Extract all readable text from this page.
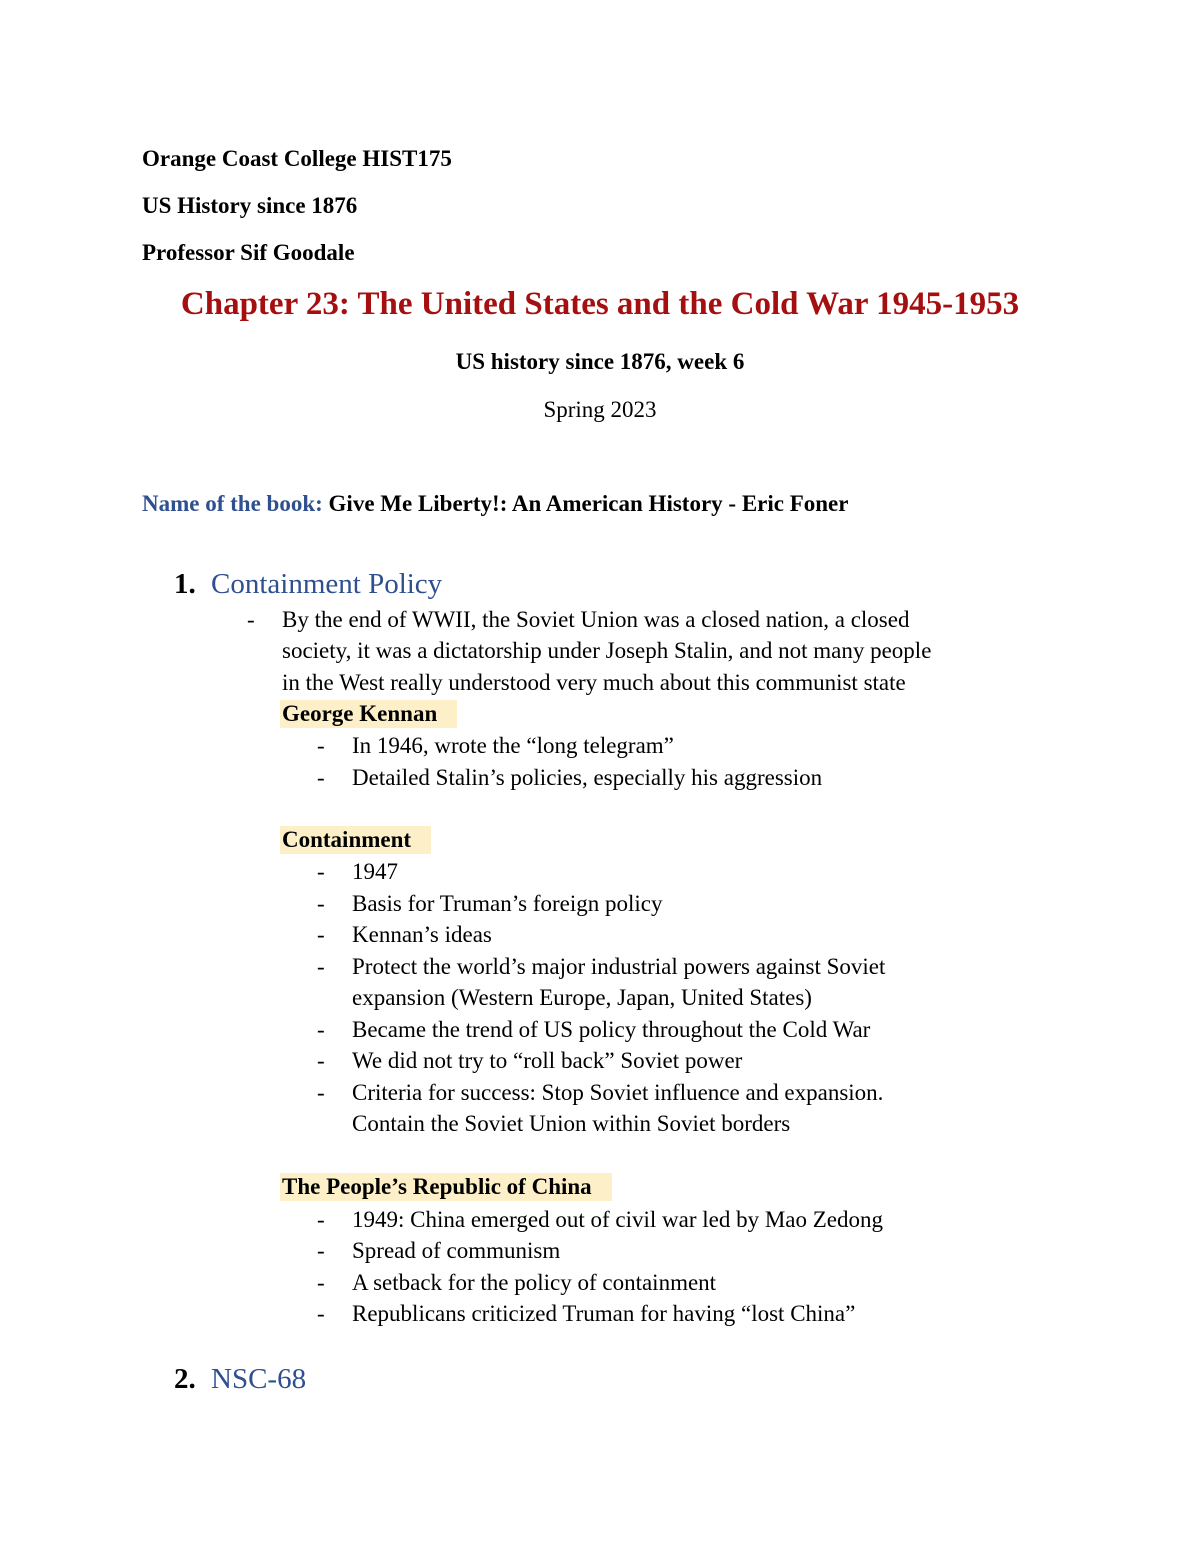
Orange Coast College HIST175
US History since 1876
Professor Sif Goodale
Chapter 23: The United States and the Cold War 1945-1953
US history since 1876, week 6
Spring 2023
Name of the book: Give Me Liberty!: An American History - Eric Foner
1. Containment Policy
- By the end of WWII, the Soviet Union was a closed nation, a closed
society, it was a dictatorship under Joseph Stalin, and not many people
in the West really understood very much about this communist state
George Kennan
- In 1946, wrote the “long telegram”
- Detailed Stalin’s policies, especially his aggression
Containment
- 1947
- Basis for Truman’s foreign policy
- Kennan’s ideas
- Protect the world’s major industrial powers against Soviet
expansion (Western Europe, Japan, United States)
- Became the trend of US policy throughout the Cold War
- We did not try to “roll back” Soviet power
- Criteria for success: Stop Soviet influence and expansion.
Contain the Soviet Union within Soviet borders
The People’s Republic of China
- 1949: China emerged out of civil war led by Mao Zedong
- Spread of communism
- A setback for the policy of containment
- Republicans criticized Truman for having “lost China”
2. NSC-68
